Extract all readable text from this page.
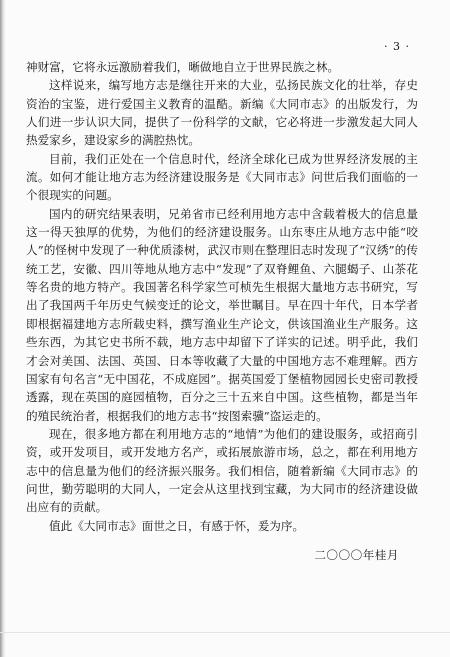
· 3 ·

神财富，它将永远激励着我们，晰做地自立于世界民族之林。

这样说来，编写地方志是继往开来的大业，弘扬民族文化的壮举，存史资治的宝鉴，进行爱国主义教育的温酷。新编《大同市志》的出版发行，为人们进一步认识大同，提供了一份科学的文献，它必将进一步激发起大同人热爱家乡，建设家乡的满腔热忱。

目前，我们正处在一个信息时代，经济全球化已成为世界经济发展的主流。如何才能让地方志为经济建设服务是《大同市志》问世后我们面临的一个很现实的问题。

国内的研究结果表明，兄弟省市已经利用地方志中含载着极大的信息量这一得天独厚的优势，为他们的经济建设服务。山东枣庄从地方志中能“咬人”的怪树中发现了一种优质漆树，武汉市则在整理旧志时发现了“汉绣”的传统工艺，安徽、四川等地从地方志中“发现”了双脊鲤鱼、六腿蝎子、山茶花等名贵的地方特产。我国著名科学家竺可桢先生根据大量地方志书研究，写出了我国两千年历史气候变迁的论文，举世瞩目。早在四十年代，日本学者即根据福建地方志所载史料，撰写渔业生产论文，供该国渔业生产服务。这些东西，为其它史书所不载，地方志中却留下了详实的记述。明乎此，我们才会对美国、法国、英国、日本等收藏了大量的中国地方志不难理解。西方国家有句名言“无中国花，不成庭园”。据英国爱丁堡植物园园长史密司教授透露，现在英国的庭园植物，百分之三十五来自中国。这些植物，都是当年的殖民统治者，根据我们的地方志书“按图索骥”盗运走的。

现在，很多地方都在利用地方志的“地情”为他们的建设服务，或招商引资，或开发项目，或开发地方名产，或拓展旅游市场，总之，都在利用地方志中的信息量为他们的经济振兴服务。我们相信，随着新编《大同市志》的问世，勤劳聪明的大同人，一定会从这里找到宝藏，为大同市的经济建设做出应有的贡献。

值此《大同市志》面世之日，有感于怀，爰为序。

二〇〇〇年桂月
